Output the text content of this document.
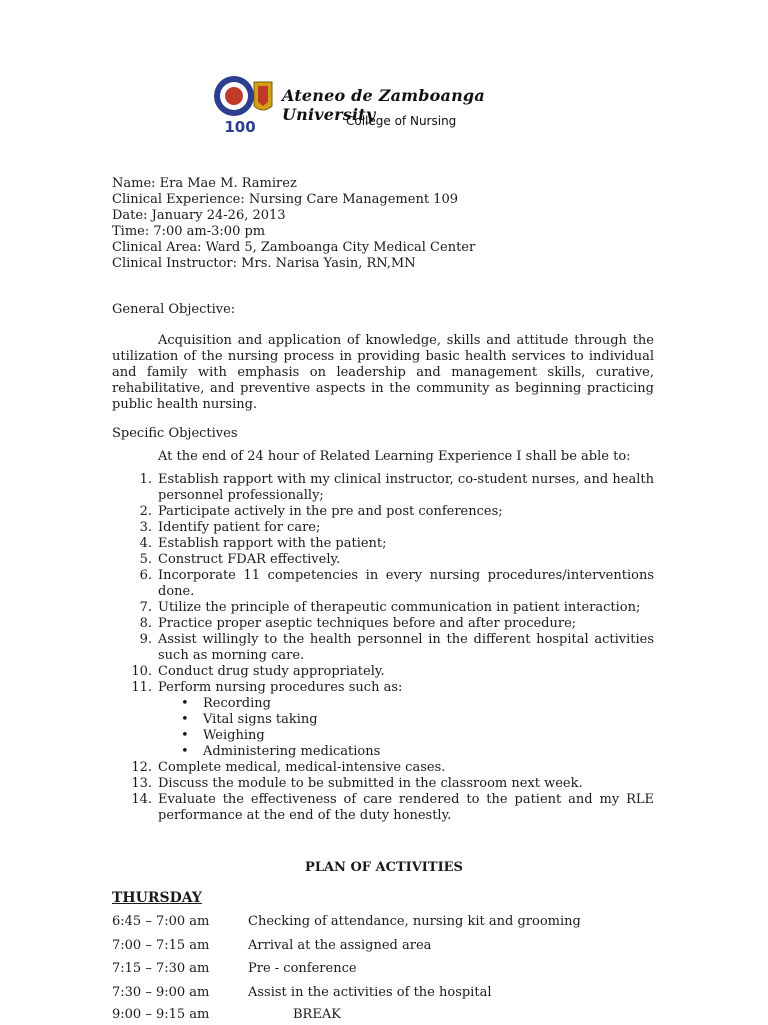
100
Ateneo de Zamboanga University
College of Nursing
Name: Era Mae M. Ramirez
Clinical Experience: Nursing Care Management 109
Date: January 24-26, 2013
Time: 7:00 am-3:00 pm
Clinical Area: Ward 5, Zamboanga City Medical Center
Clinical Instructor: Mrs. Narisa Yasin, RN,MN
General Objective:
Acquisition and application of knowledge, skills and attitude through the utilization of the nursing process in providing basic health services to individual and family with emphasis on leadership and management skills, curative, rehabilitative, and preventive aspects in the community as beginning practicing public health nursing.
Specific Objectives
At the end of 24 hour of Related Learning Experience I shall be able to:
1. Establish rapport with my clinical instructor, co-student nurses, and health personnel professionally;
2. Participate actively in the pre and post conferences;
3. Identify patient for care;
4. Establish rapport with the patient;
5. Construct FDAR effectively.
6. Incorporate 11 competencies in every nursing procedures/interventions done.
7. Utilize the principle of therapeutic communication in patient interaction;
8. Practice proper aseptic techniques before and after procedure;
9. Assist willingly to the health personnel in the different hospital activities such as morning care.
10. Conduct drug study appropriately.
11. Perform nursing procedures such as:
• Recording
• Vital signs taking
• Weighing
• Administering medications
12. Complete medical, medical-intensive cases.
13. Discuss the module to be submitted in the classroom next week.
14. Evaluate the effectiveness of care rendered to the patient and my RLE performance at the end of the duty honestly.
PLAN OF ACTIVITIES
THURSDAY
6:45 – 7:00 am	Checking of attendance, nursing kit and grooming
7:00 – 7:15 am	Arrival at the assigned area
7:15 – 7:30 am	Pre - conference
7:30 – 9:00 am	Assist in the activities of the hospital
9:00 – 9:15 am	BREAK
